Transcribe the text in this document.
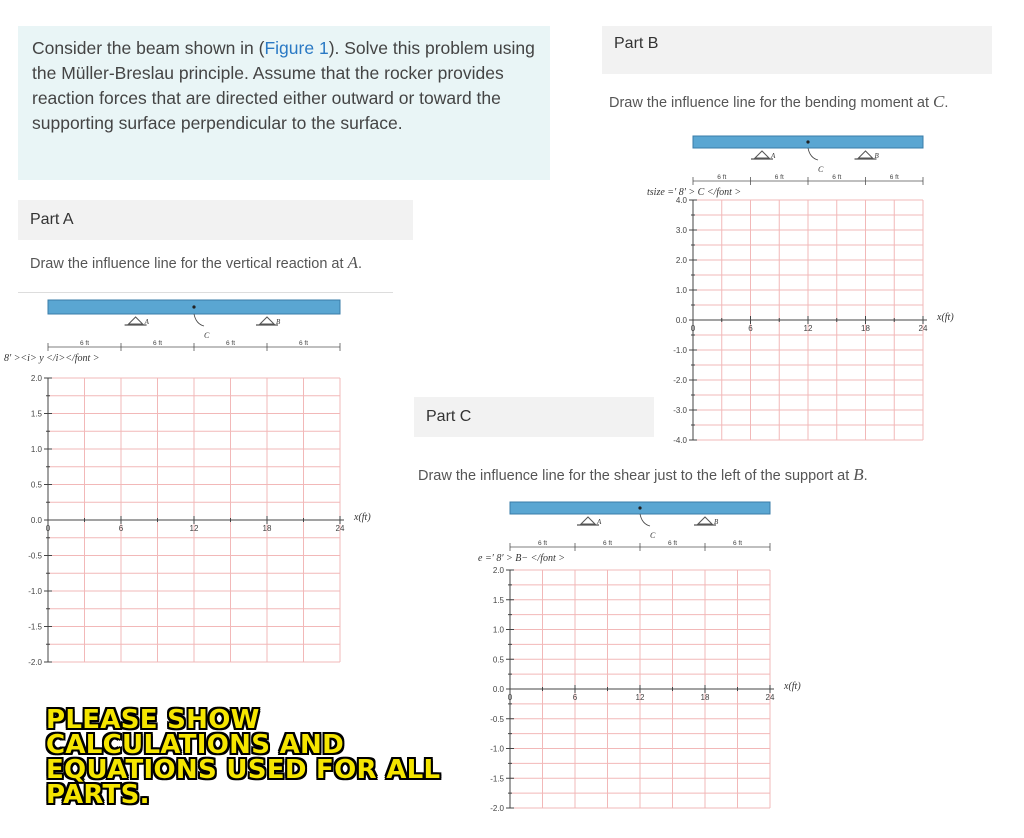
Consider the beam shown in (Figure 1). Solve this problem using the Müller-Breslau principle. Assume that the rocker provides reaction forces that are directed either outward or toward the supporting surface perpendicular to the surface.
Part A
Draw the influence line for the vertical reaction at A.
Part B
Draw the influence line for the bending moment at C.
Part C
Draw the influence line for the shear just to the left of the support at B.
A	B
C
6 ft	6 ft	6 ft	6 ft
8′ ><i> y </i></font >
2.0
1.5
1.0
0.5
0.0
-0.5
-1.0
-1.5
-2.0
0	6	12	18	24
x(ft)
A	B
C
6 ft	6 ft	6 ft	6 ft
tsize =′ 8′ > C </font >
4.0
3.0
2.0
1.0
0.0
-1.0
-2.0
-3.0
-4.0
0	6	12	18	24
x(ft)
A	B
C
6 ft	6 ft	6 ft	6 ft
e =′ 8′ > B− </font >
2.0
1.5
1.0
0.5
0.0
-0.5
-1.0
-1.5
-2.0
0	6	12	18	24
x(ft)
PLEASE SHOW CALCULATIONS AND EQUATIONS USED FOR ALL PARTS.
